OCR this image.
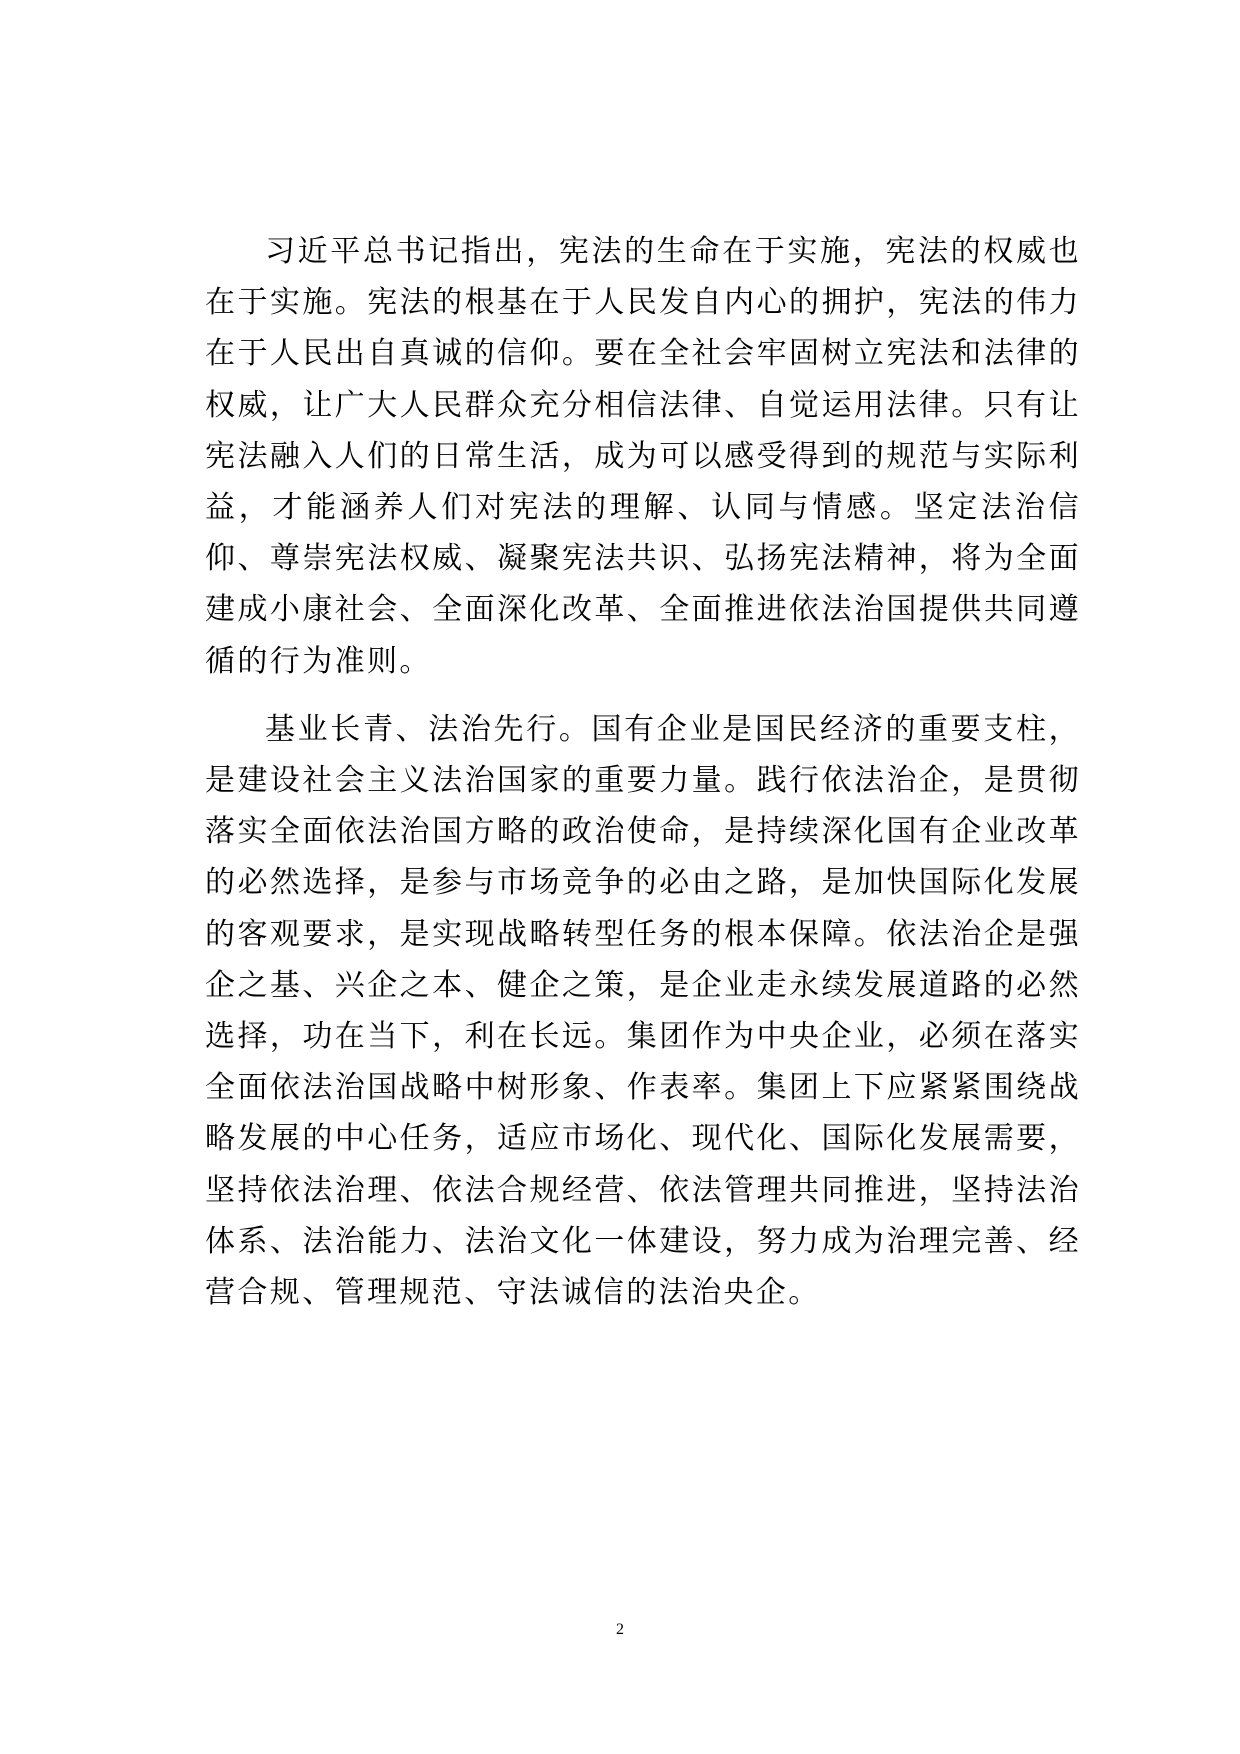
习近平总书记指出，宪法的生命在于实施，宪法的权威也在于实施。宪法的根基在于人民发自内心的拥护，宪法的伟力在于人民出自真诚的信仰。要在全社会牢固树立宪法和法律的权威，让广大人民群众充分相信法律、自觉运用法律。只有让宪法融入人们的日常生活，成为可以感受得到的规范与实际利益，才能涵养人们对宪法的理解、认同与情感。坚定法治信仰、尊崇宪法权威、凝聚宪法共识、弘扬宪法精神，将为全面建成小康社会、全面深化改革、全面推进依法治国提供共同遵循的行为准则。

基业长青、法治先行。国有企业是国民经济的重要支柱，是建设社会主义法治国家的重要力量。践行依法治企，是贯彻落实全面依法治国方略的政治使命，是持续深化国有企业改革的必然选择，是参与市场竞争的必由之路，是加快国际化发展的客观要求，是实现战略转型任务的根本保障。依法治企是强企之基、兴企之本、健企之策，是企业走永续发展道路的必然选择，功在当下，利在长远。集团作为中央企业，必须在落实全面依法治国战略中树形象、作表率。集团上下应紧紧围绕战略发展的中心任务，适应市场化、现代化、国际化发展需要，坚持依法治理、依法合规经营、依法管理共同推进，坚持法治体系、法治能力、法治文化一体建设，努力成为治理完善、经营合规、管理规范、守法诚信的法治央企。

2
